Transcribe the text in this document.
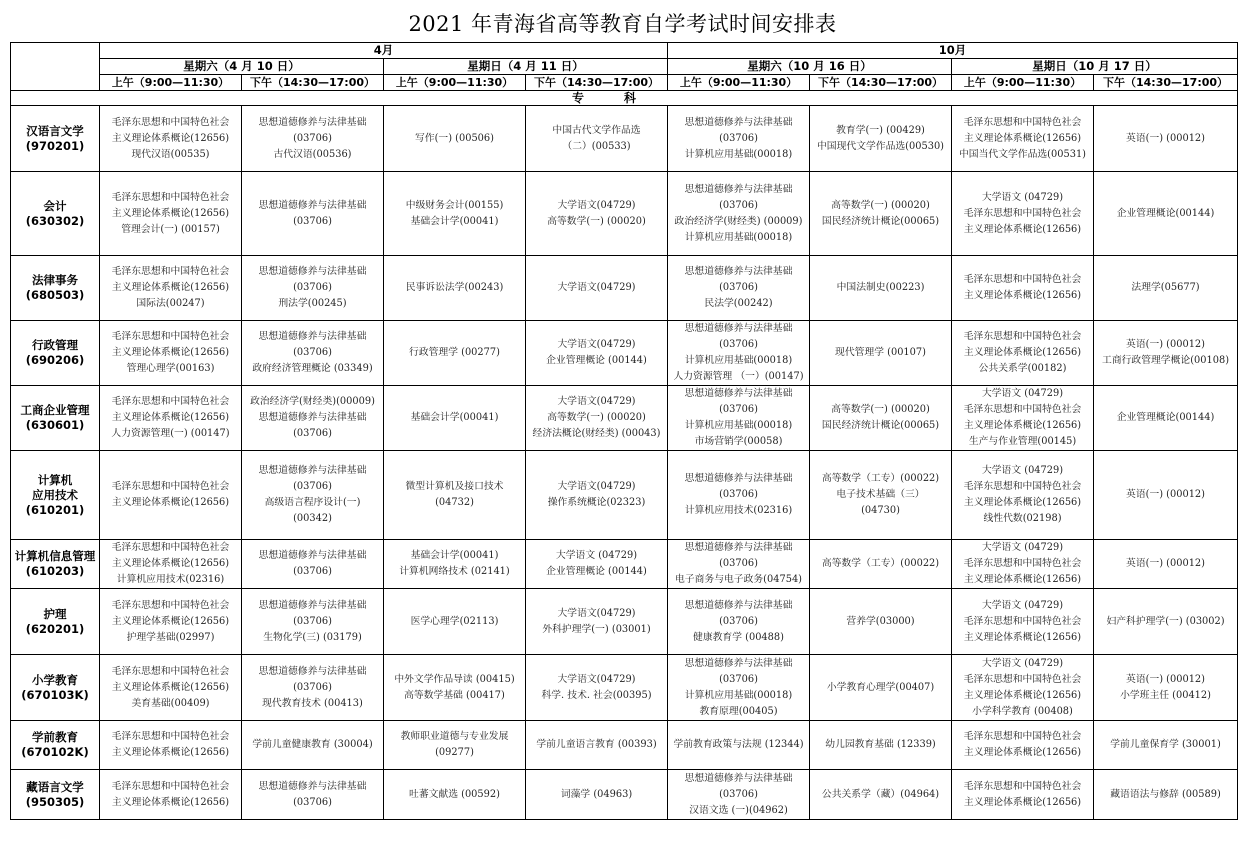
2021 年青海省高等教育自学考试时间安排表
	4月				10月			
	星期六（4 月 10 日）		星期日（4 月 11 日）		星期六（10 月 16 日）		星期日（10 月 17 日）	
	上午（9:00—11:30）	下午（14:30—17:00）	上午（9:00—11:30）	下午（14:30—17:00）	上午（9:00—11:30）	下午（14:30—17:00）	上午（9:00—11:30）	下午（14:30—17:00）
专科								

汉语言文学
(970201)	毛泽东思想和中国特色社会
主义理论体系概论(12656)
现代汉语(00535)	思想道德修养与法律基础
(03706)
古代汉语(00536)	写作(一) (00506)	中国古代文学作品选
（二）(00533)	思想道德修养与法律基础
(03706)
计算机应用基础(00018)	教育学(一) (00429)
中国现代文学作品选(00530)	毛泽东思想和中国特色社会
主义理论体系概论(12656)
中国当代文学作品选(00531)	英语(一) (00012)

会计
(630302)	毛泽东思想和中国特色社会
主义理论体系概论(12656)
管理会计(一) (00157)	思想道德修养与法律基础
(03706)	中级财务会计(00155)
基础会计学(00041)	大学语文(04729)
高等数学(一) (00020)	思想道德修养与法律基础
(03706)
政治经济学(财经类) (00009)
计算机应用基础(00018)	高等数学(一) (00020)
国民经济统计概论(00065)	大学语文 (04729)
毛泽东思想和中国特色社会
主义理论体系概论(12656)	企业管理概论(00144)

法律事务
(680503)	毛泽东思想和中国特色社会
主义理论体系概论(12656)
国际法(00247)	思想道德修养与法律基础
(03706)
刑法学(00245)	民事诉讼法学(00243)	大学语文(04729)	思想道德修养与法律基础
(03706)
民法学(00242)	中国法制史(00223)	毛泽东思想和中国特色社会
主义理论体系概论(12656)	法理学(05677)

行政管理
(690206)	毛泽东思想和中国特色社会
主义理论体系概论(12656)
管理心理学(00163)	思想道德修养与法律基础
(03706)
政府经济管理概论 (03349)	行政管理学 (00277)	大学语文(04729)
企业管理概论 (00144)	思想道德修养与法律基础
(03706)
计算机应用基础(00018)
人力资源管理 （一）(00147)	现代管理学 (00107)	毛泽东思想和中国特色社会
主义理论体系概论(12656)
公共关系学(00182)	英语(一) (00012)
工商行政管理学概论(00108)

工商企业管理
(630601)	毛泽东思想和中国特色社会
主义理论体系概论(12656)
人力资源管理(一) (00147)	政治经济学(财经类)(00009)
思想道德修养与法律基础
(03706)	基础会计学(00041)	大学语文(04729)
高等数学(一) (00020)
经济法概论(财经类) (00043)	思想道德修养与法律基础
(03706)
计算机应用基础(00018)
市场营销学(00058)	高等数学(一) (00020)
国民经济统计概论(00065)	大学语文 (04729)
毛泽东思想和中国特色社会
主义理论体系概论(12656)
生产与作业管理(00145)	企业管理概论(00144)

计算机
应用技术
(610201)	毛泽东思想和中国特色社会
主义理论体系概论(12656)	思想道德修养与法律基础
(03706)
高级语言程序设计(一)
(00342)	微型计算机及接口技术
(04732)	大学语文(04729)
操作系统概论(02323)	思想道德修养与法律基础
(03706)
计算机应用技术(02316)	高等数学（工专）(00022)
电子技术基础（三）
(04730)	大学语文 (04729)
毛泽东思想和中国特色社会
主义理论体系概论(12656)
线性代数(02198)	英语(一) (00012)

计算机信息管理
(610203)	毛泽东思想和中国特色社会
主义理论体系概论(12656)
计算机应用技术(02316)	思想道德修养与法律基础
(03706)	基础会计学(00041)
计算机网络技术 (02141)	大学语文 (04729)
企业管理概论 (00144)	思想道德修养与法律基础
(03706)
电子商务与电子政务(04754)	高等数学（工专）(00022)	大学语文 (04729)
毛泽东思想和中国特色社会
主义理论体系概论(12656)	英语(一) (00012)

护理
(620201)	毛泽东思想和中国特色社会
主义理论体系概论(12656)
护理学基础(02997)	思想道德修养与法律基础
(03706)
生物化学(三) (03179)	医学心理学(02113)	大学语文(04729)
外科护理学(一) (03001)	思想道德修养与法律基础
(03706)
健康教育学 (00488)	营养学(03000)	大学语文 (04729)
毛泽东思想和中国特色社会
主义理论体系概论(12656)	妇产科护理学(一) (03002)

小学教育
(670103K)	毛泽东思想和中国特色社会
主义理论体系概论(12656)
美育基础(00409)	思想道德修养与法律基础
(03706)
现代教育技术 (00413)	中外文学作品导读 (00415)
高等数学基础 (00417)	大学语文(04729)
科学. 技术. 社会(00395)	思想道德修养与法律基础
(03706)
计算机应用基础(00018)
教育原理(00405)	小学教育心理学(00407)	大学语文 (04729)
毛泽东思想和中国特色社会
主义理论体系概论(12656)
小学科学教育 (00408)	英语(一) (00012)
小学班主任 (00412)

学前教育
(670102K)	毛泽东思想和中国特色社会
主义理论体系概论(12656)	学前儿童健康教育 (30004)	教师职业道德与专业发展
(09277)	学前儿童语言教育 (00393)	学前教育政策与法规 (12344)	幼儿园教育基础 (12339)	毛泽东思想和中国特色社会
主义理论体系概论(12656)	学前儿童保育学 (30001)

藏语言文学
(950305)	毛泽东思想和中国特色社会
主义理论体系概论(12656)	思想道德修养与法律基础
(03706)	吐蕃文献选 (00592)	词藻学 (04963)	思想道德修养与法律基础
(03706)
汉语文选 (一)(04962)	公共关系学（藏）(04964)	毛泽东思想和中国特色社会
主义理论体系概论(12656)	藏语语法与修辞 (00589)
